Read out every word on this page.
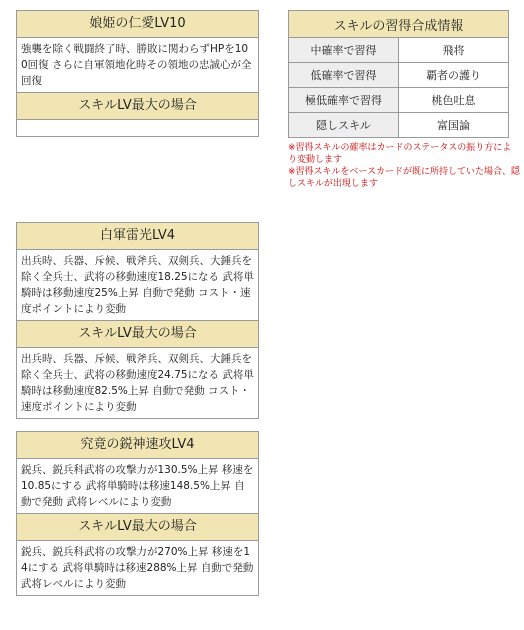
娘姫の仁愛LV10
強襲を除く戦闘終了時、勝敗に関わらずHPを100回復 さらに自軍領地化時その領地の忠誠心が全回復
スキルLV最大の場合
スキルの習得合成情報	
中確率で習得	飛将
低確率で習得	覇者の護り
極低確率で習得	桃色吐息
隠しスキル	富国論
※習得スキルの確率はカードのステータスの振り方により変動します
※習得スキルをベースカードが既に所持していた場合、隠しスキルが出現します
白軍雷光LV4
出兵時、兵器、斥候、戦斧兵、双剣兵、大錘兵を除く全兵士、武将の移動速度18.25になる 武将単騎時は移動速度25%上昇 自動で発動 コスト・速度ポイントにより変動
スキルLV最大の場合
出兵時、兵器、斥候、戦斧兵、双剣兵、大錘兵を除く全兵士、武将の移動速度24.75になる 武将単騎時は移動速度82.5%上昇 自動で発動 コスト・速度ポイントにより変動
究竟の鋭神速攻LV4
鋭兵、鋭兵科武将の攻撃力が130.5%上昇 移速を10.85にする 武将単騎時は移速148.5%上昇 自動で発動 武将レベルにより変動
スキルLV最大の場合
鋭兵、鋭兵科武将の攻撃力が270%上昇 移速を14にする 武将単騎時は移速288%上昇 自動で発動 武将レベルにより変動
